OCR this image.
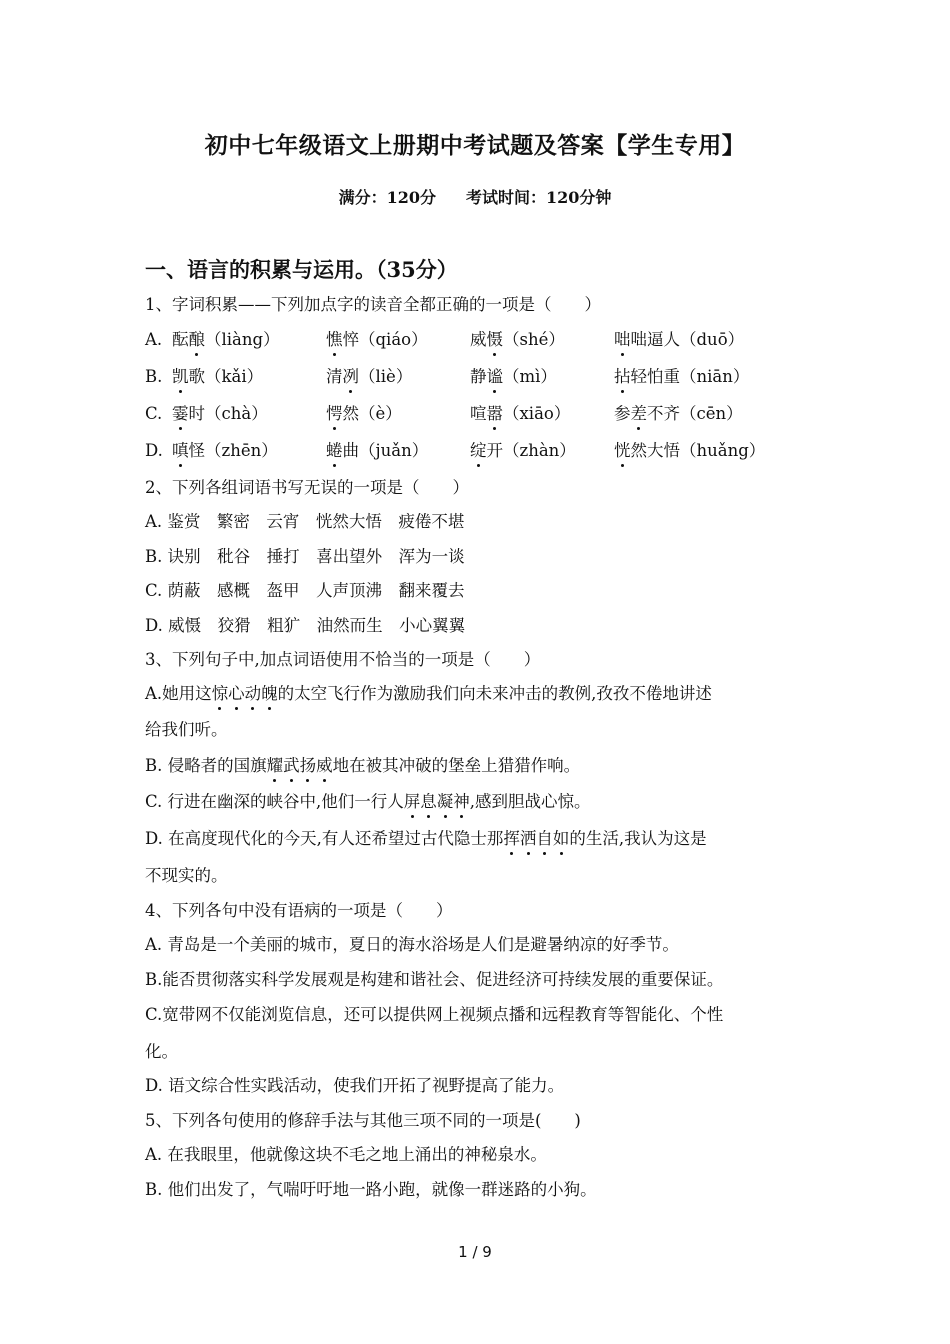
初中七年级语文上册期中考试题及答案【学生专用】
满分：120分 考试时间：120分钟
一、语言的积累与运用。（35分）
1、字词积累——下列加点字的读音全都正确的一项是（　　）
A. 酝酿（liàng）	憔悴（qiáo）	威慑（shé）	咄咄逼人（duō）
B. 凯歌（kǎi）	清冽（liè）	静谧（mì）	拈轻怕重（niān）
C. 霎时（chà）	愕然（è）	喧嚣（xiāo）	参差不齐（cēn）
D. 嗔怪（zhēn）	蜷曲（juǎn）	绽开（zhàn） 恍然大悟（huǎng）
2、下列各组词语书写无误的一项是（　　）
A. 鉴赏　繁密　云宵　恍然大悟　疲倦不堪
B. 诀别　秕谷　捶打　喜出望外　浑为一谈
C. 荫蔽　感概　盔甲　人声顶沸　翻来覆去
D. 威慑　狡猾　粗犷　油然而生　小心翼翼
3、下列句子中,加点词语使用不恰当的一项是（　　）
A.她用这惊心动魄的太空飞行作为激励我们向未来冲击的教例,孜孜不倦地讲述
给我们听。
B. 侵略者的国旗耀武扬威地在被其冲破的堡垒上猎猎作响。
C. 行进在幽深的峡谷中,他们一行人屏息凝神,感到胆战心惊。
D. 在高度现代化的今天,有人还希望过古代隐士那挥洒自如的生活,我认为这是
不现实的。
4、下列各句中没有语病的一项是（　　）
A. 青岛是一个美丽的城市，夏日的海水浴场是人们是避暑纳凉的好季节。
B.能否贯彻落实科学发展观是构建和谐社会、促进经济可持续发展的重要保证。
C.宽带网不仅能浏览信息，还可以提供网上视频点播和远程教育等智能化、个性
化。
D. 语文综合性实践活动，使我们开拓了视野提高了能力。
5、下列各句使用的修辞手法与其他三项不同的一项是(　　)
A. 在我眼里，他就像这块不毛之地上涌出的神秘泉水。
B. 他们出发了，气喘吁吁地一路小跑，就像一群迷路的小狗。
1 / 9
